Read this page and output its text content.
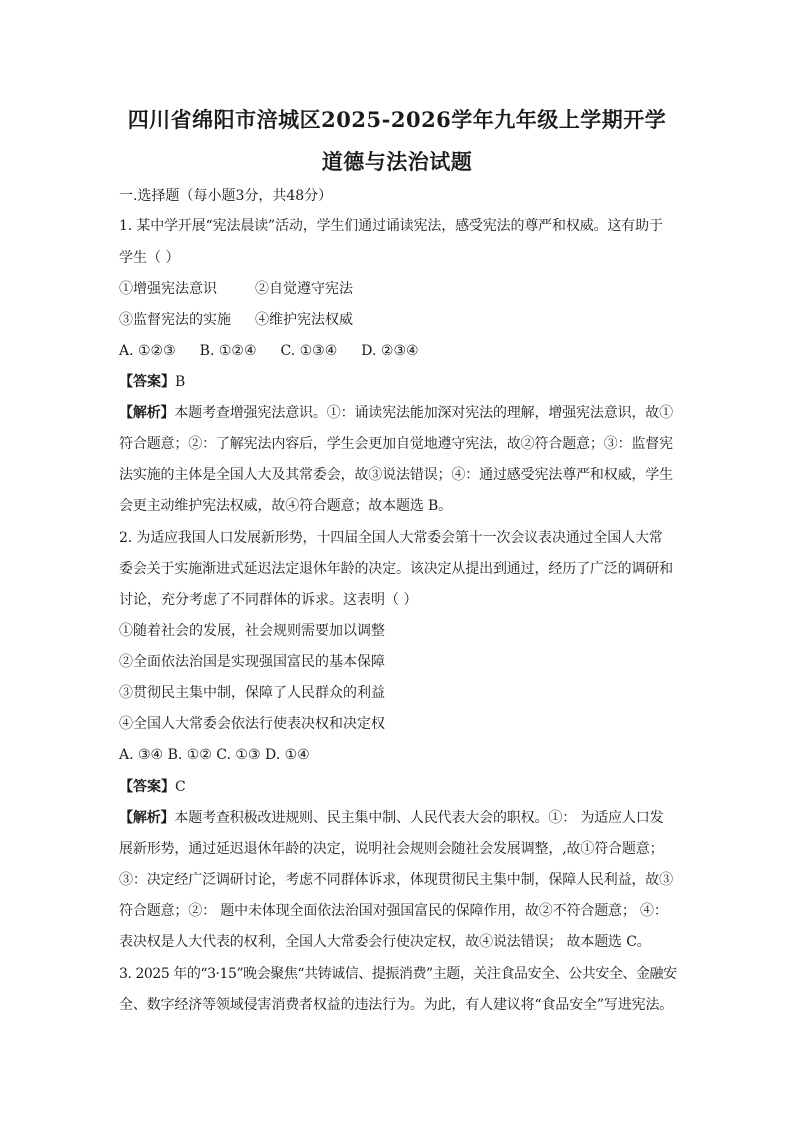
四川省绵阳市涪城区2025-2026学年九年级上学期开学
道德与法治试题
一.选择题（每小题3分，共48分）
1. 某中学开展“宪法晨读”活动，学生们通过诵读宪法，感受宪法的尊严和权威。这有助于
学生（ ）
①增强宪法意识	②自觉遵守宪法
③监督宪法的实施 ④维护宪法权威
A. ①②③ B. ①②④ C. ①③④ D. ②③④
【答案】B
【解析】本题考查增强宪法意识。①：诵读宪法能加深对宪法的理解，增强宪法意识，故①
符合题意；②：了解宪法内容后，学生会更加自觉地遵守宪法，故②符合题意；③：监督宪
法实施的主体是全国人大及其常委会，故③说法错误；④：通过感受宪法尊严和权威，学生
会更主动维护宪法权威，故④符合题意；故本题选 B。
2. 为适应我国人口发展新形势，十四届全国人大常委会第十一次会议表决通过全国人大常
委会关于实施渐进式延迟法定退休年龄的决定。该决定从提出到通过，经历了广泛的调研和
讨论，充分考虑了不同群体的诉求。这表明（ ）
①随着社会的发展，社会规则需要加以调整
②全面依法治国是实现强国富民的基本保障
③贯彻民主集中制，保障了人民群众的利益
④全国人大常委会依法行使表决权和决定权
A. ③④ B. ①② C. ①③ D. ①④
【答案】C
【解析】本题考查积极改进规则、民主集中制、人民代表大会的职权。①： 为适应人口发
展新形势，通过延迟退休年龄的决定，说明社会规则会随社会发展调整，,故①符合题意；
③：决定经广泛调研讨论，考虑不同群体诉求，体现贯彻民主集中制，保障人民利益，故③
符合题意；②： 题中未体现全面依法治国对强国富民的保障作用，故②不符合题意； ④：
表决权是人大代表的权利，全国人大常委会行使决定权，故④说法错误； 故本题选 C。
3. 2025 年的“3·15”晚会聚焦“共铸诚信、提振消费”主题，关注食品安全、公共安全、金融安
全、数字经济等领域侵害消费者权益的违法行为。为此，有人建议将“食品安全”写进宪法。
